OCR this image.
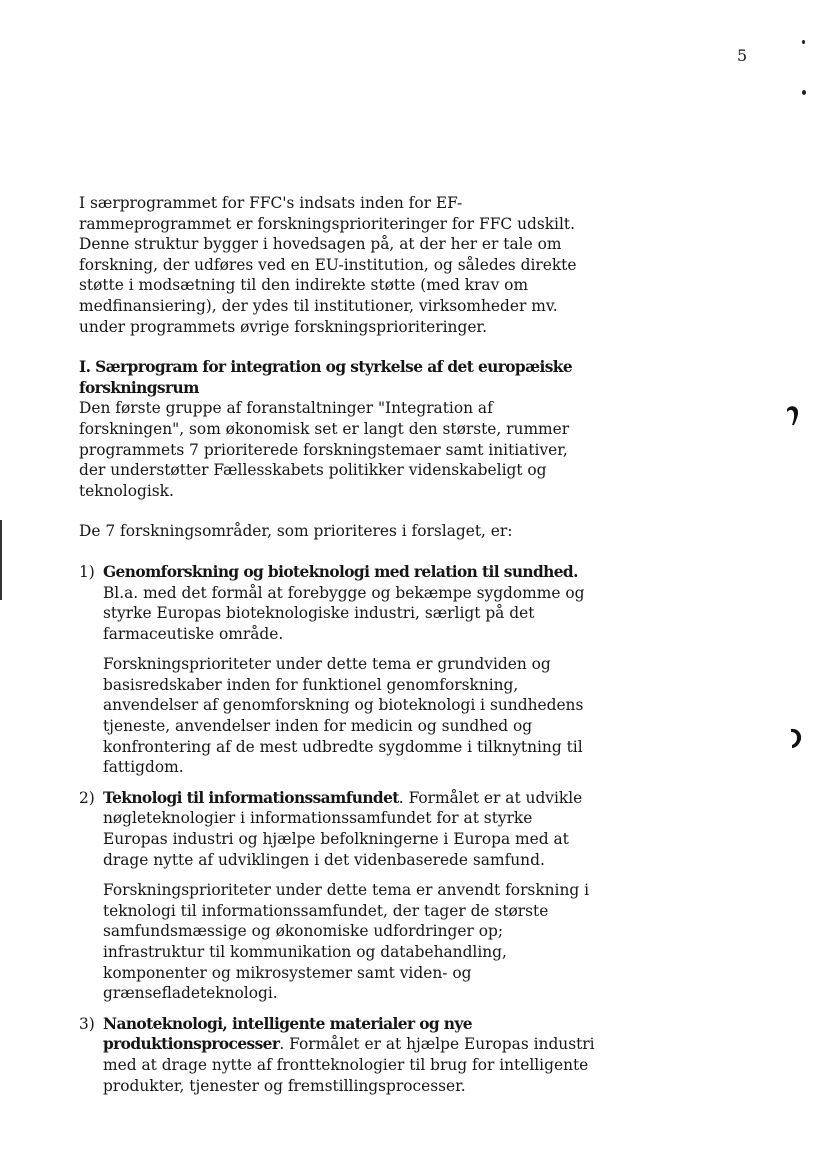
5

I særprogrammet for FFC's indsats inden for EF-rammeprogrammet er forskningsprioriteringer for FFC udskilt. Denne struktur bygger i hovedsagen på, at der her er tale om forskning, der udføres ved en EU-institution, og således direkte støtte i modsætning til den indirekte støtte (med krav om medfinansiering), der ydes til institutioner, virksomheder mv. under programmets øvrige forskningsprioriteringer.

I. Særprogram for integration og styrkelse af det europæiske forskningsrum

Den første gruppe af foranstaltninger "Integration af forskningen", som økonomisk set er langt den største, rummer programmets 7 prioriterede forskningstemaer samt initiativer, der understøtter Fællesskabets politikker videnskabeligt og teknologisk.

De 7 forskningsområder, som prioriteres i forslaget, er:

1) Genomforskning og bioteknologi med relation til sundhed.
Bl.a. med det formål at forebygge og bekæmpe sygdomme og styrke Europas bioteknologiske industri, særligt på det farmaceutiske område.

Forskningsprioriteter under dette tema er grundviden og basisredskaber inden for funktionel genomforskning, anvendelser af genomforskning og bioteknologi i sundhedens tjeneste, anvendelser inden for medicin og sundhed og konfrontering af de mest udbredte sygdomme i tilknytning til fattigdom.

2) Teknologi til informationssamfundet. Formålet er at udvikle nøgleteknologier i informationssamfundet for at styrke Europas industri og hjælpe befolkningerne i Europa med at drage nytte af udviklingen i det videnbaserede samfund.

Forskningsprioriteter under dette tema er anvendt forskning i teknologi til informationssamfundet, der tager de største samfundsmæssige og økonomiske udfordringer op; infrastruktur til kommunikation og databehandling, komponenter og mikrosystemer samt viden- og grænsefladeteknologi.

3) Nanoteknologi, intelligente materialer og nye produktionsprocesser. Formålet er at hjælpe Europas industri med at drage nytte af frontteknologier til brug for intelligente produkter, tjenester og fremstillingsprocesser.
